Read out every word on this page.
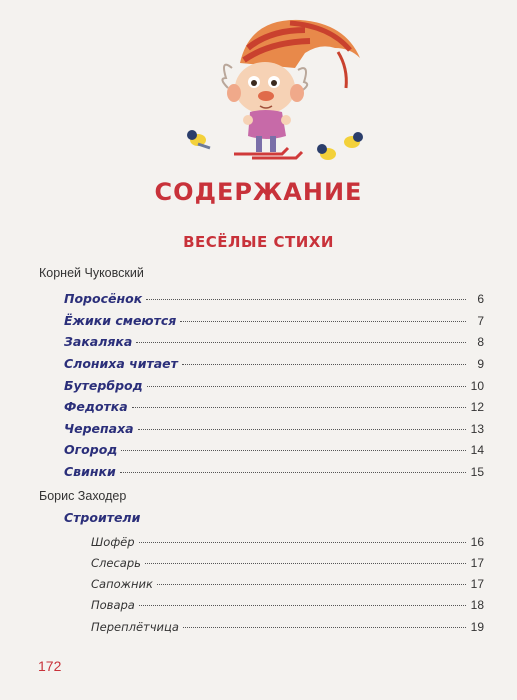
СОДЕРЖАНИЕ
ВЕСЁЛЫЕ СТИХИ
Корней Чуковский
Поросёнок	6
Ёжики смеются	7
Закаляка	8
Слониха читает	9
Бутерброд	10
Федотка	12
Черепаха	13
Огород	14
Свинки	15
Борис Заходер
Строители
Шофёр	16
Слесарь	17
Сапожник	17
Повара	18
Переплётчица	19
172
